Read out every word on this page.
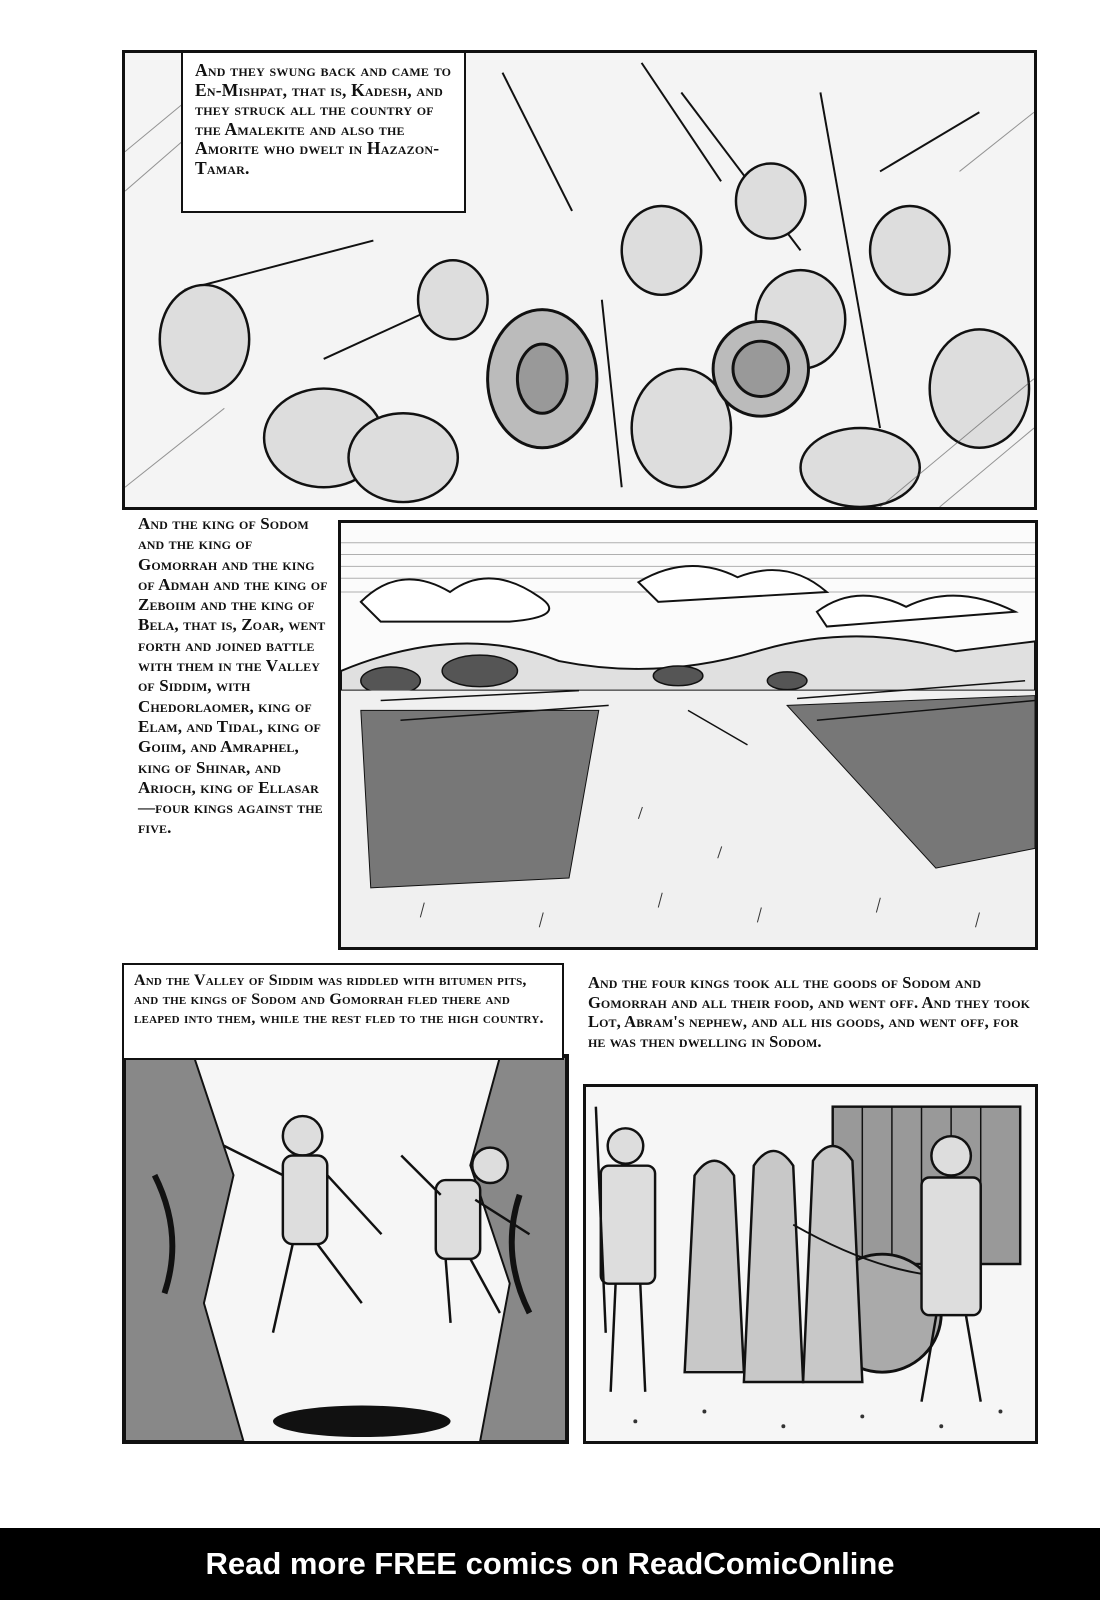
And they swung back and came to En-Mishpat, that is, Kadesh, and they struck all the country of the Amalekite and also the Amorite who dwelt in Hazazon-Tamar.
And the king of Sodom and the king of Gomorrah and the king of Admah and the king of Zeboiim and the king of Bela, that is, Zoar, went forth and joined battle with them in the Valley of Siddim, with Chedorlaomer, king of Elam, and Tidal, king of Goiim, and Amraphel, king of Shinar, and Arioch, king of Ellasar—four kings against the five.
And the Valley of Siddim was riddled with bitumen pits, and the kings of Sodom and Gomorrah fled there and leaped into them, while the rest fled to the high country.
And the four kings took all the goods of Sodom and Gomorrah and all their food, and went off. And they took Lot, Abram's nephew, and all his goods, and went off, for he was then dwelling in Sodom.
Read more FREE comics on ReadComicOnline
